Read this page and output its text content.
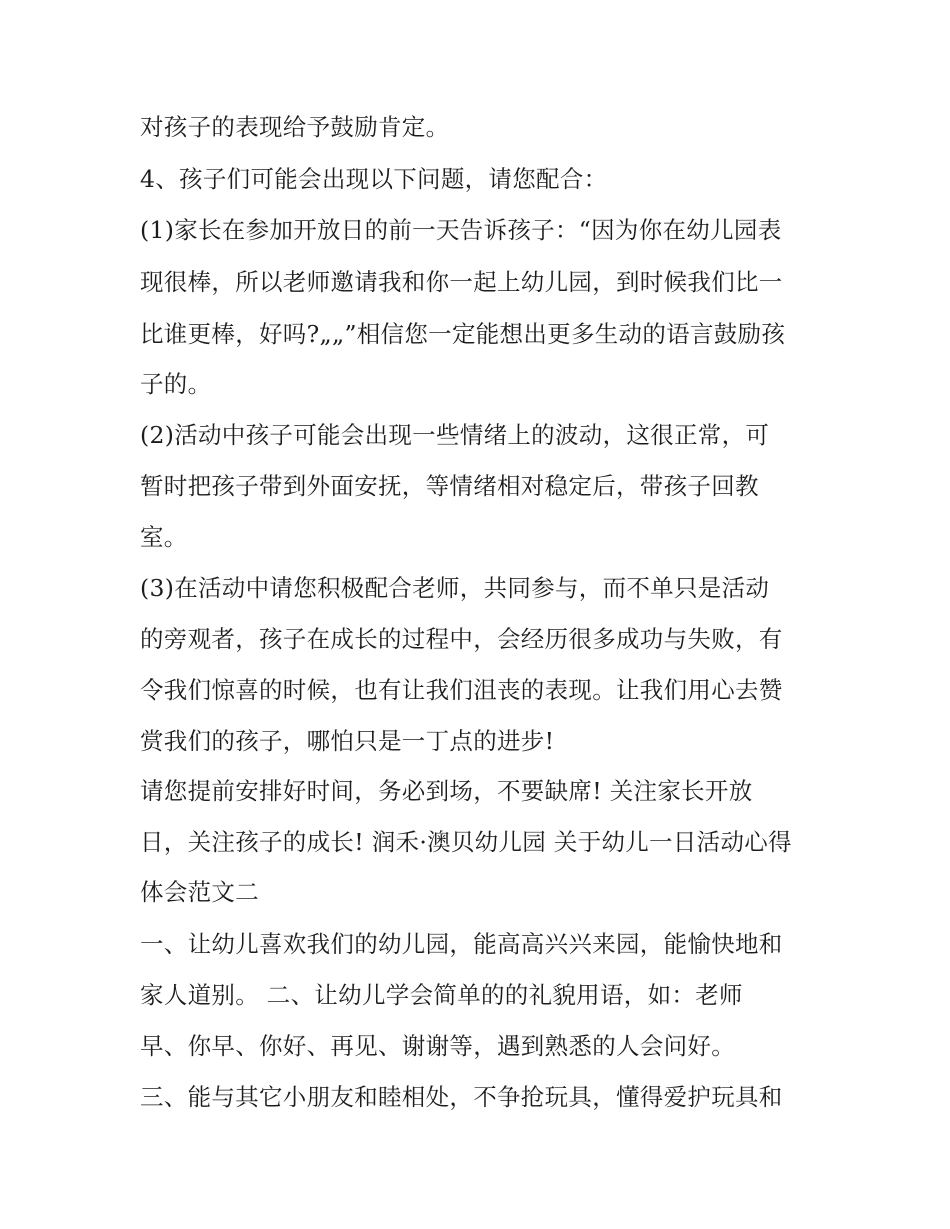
对孩子的表现给予鼓励肯定。
4、孩子们可能会出现以下问题，请您配合：
(1)家长在参加开放日的前一天告诉孩子：“因为你在幼儿园表
现很棒，所以老师邀请我和你一起上幼儿园，到时候我们比一
比谁更棒，好吗?„„”相信您一定能想出更多生动的语言鼓励孩
子的。
(2)活动中孩子可能会出现一些情绪上的波动，这很正常，可
暂时把孩子带到外面安抚，等情绪相对稳定后，带孩子回教
室。
(3)在活动中请您积极配合老师，共同参与，而不单只是活动
的旁观者，孩子在成长的过程中，会经历很多成功与失败，有
令我们惊喜的时候，也有让我们沮丧的表现。让我们用心去赞
赏我们的孩子，哪怕只是一丁点的进步!
请您提前安排好时间，务必到场，不要缺席! 关注家长开放
日，关注孩子的成长! 润禾·澳贝幼儿园 关于幼儿一日活动心得
体会范文二
一、让幼儿喜欢我们的幼儿园，能高高兴兴来园，能愉快地和
家人道别。 二、让幼儿学会简单的的礼貌用语，如：老师
早、你早、你好、再见、谢谢等，遇到熟悉的人会问好。
三、能与其它小朋友和睦相处，不争抢玩具，懂得爱护玩具和
